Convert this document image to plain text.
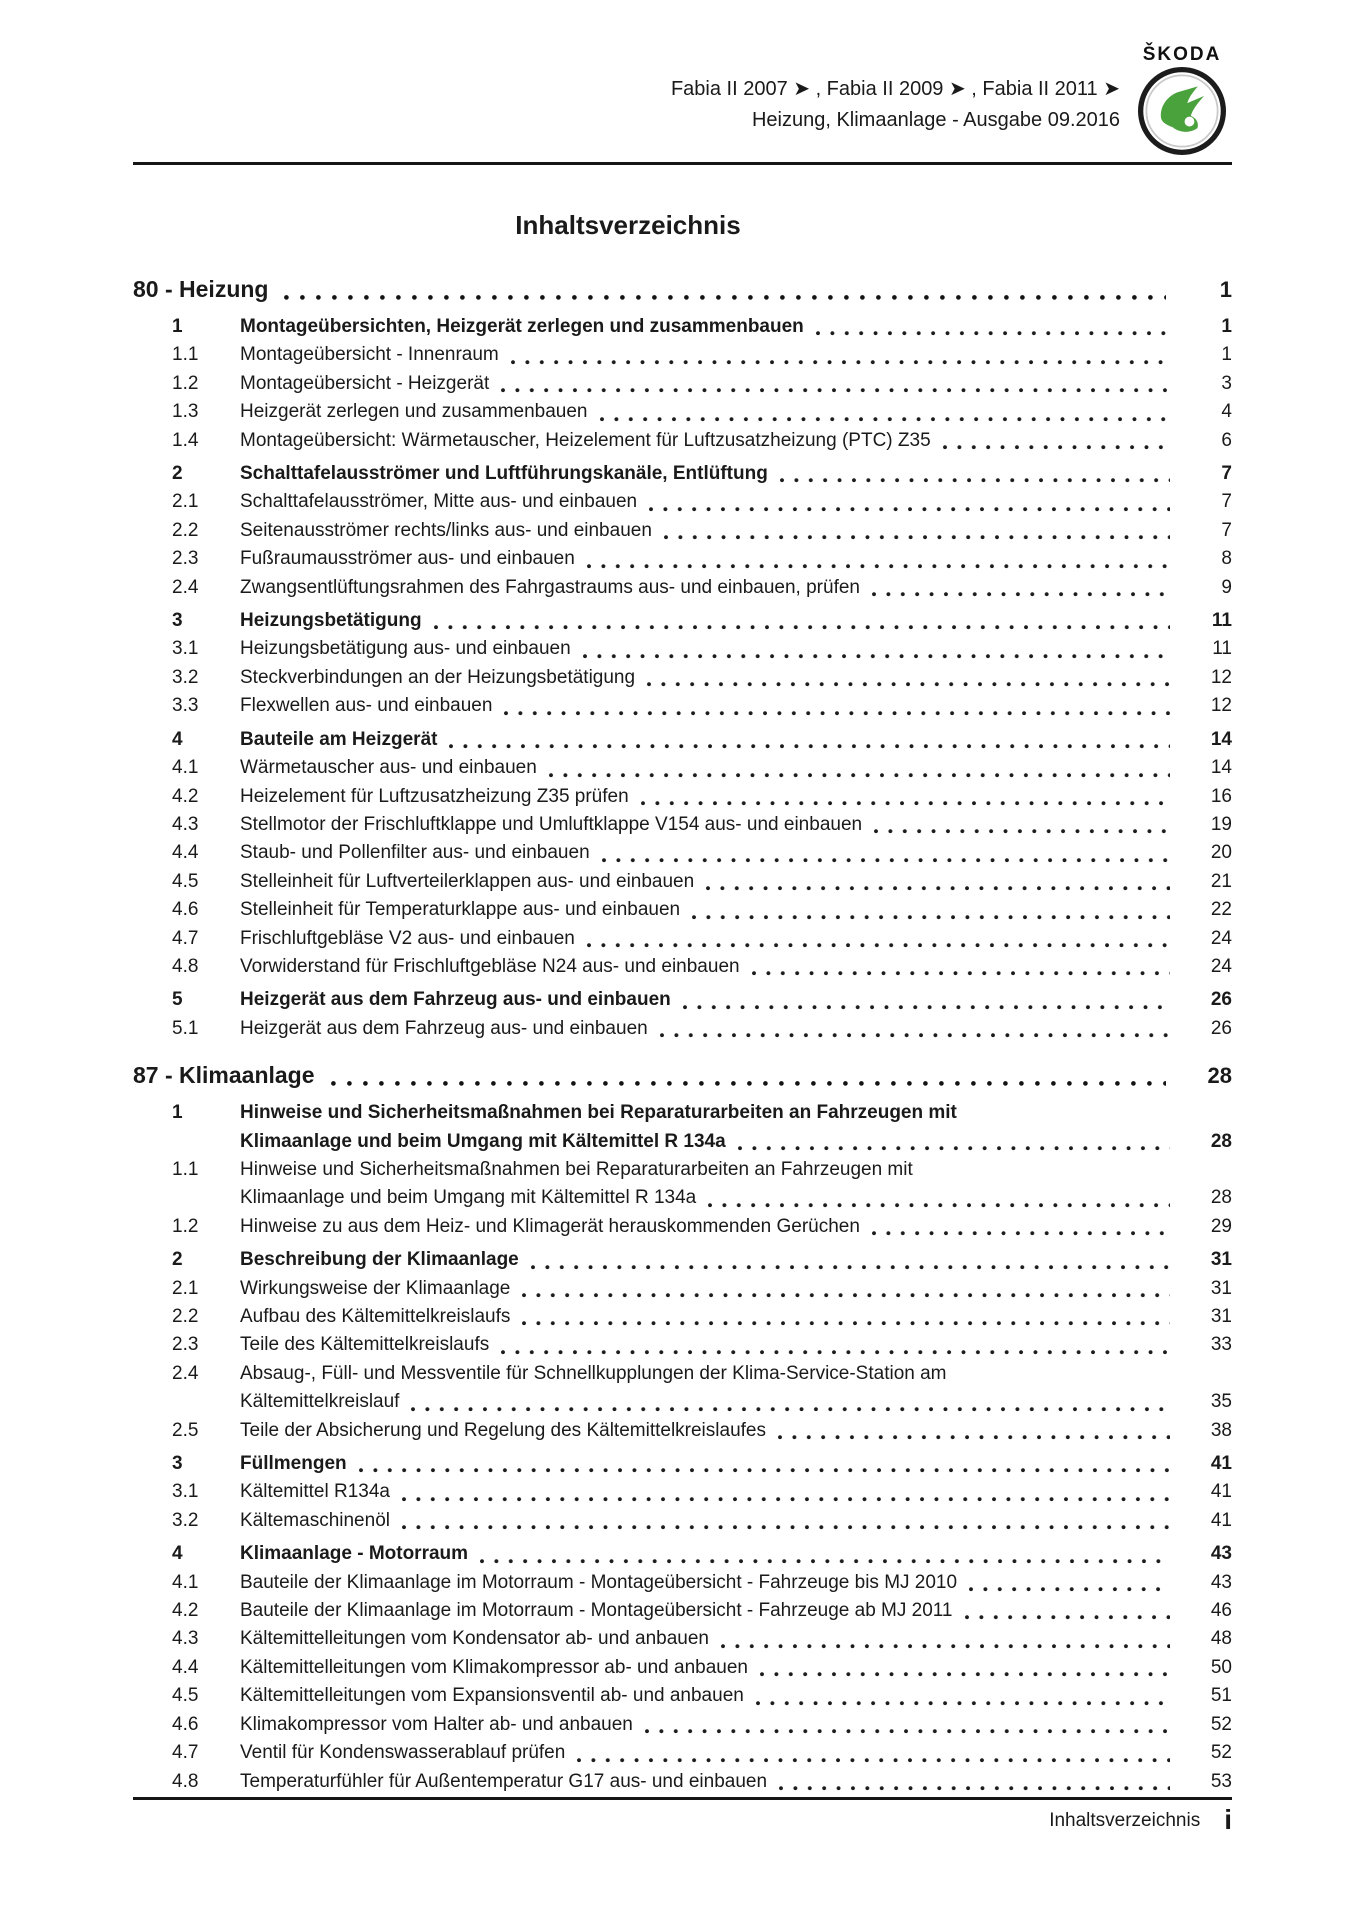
Fabia II 2007 ➤ , Fabia II 2009 ➤ , Fabia II 2011 ➤
Heizung, Klimaanlage - Ausgabe 09.2016
ŠKODA
Inhaltsverzeichnis
80 - Heizung	1
1	Montageübersichten, Heizgerät zerlegen und zusammenbauen	1
1.1	Montageübersicht - Innenraum	1
1.2	Montageübersicht - Heizgerät	3
1.3	Heizgerät zerlegen und zusammenbauen	4
1.4	Montageübersicht: Wärmetauscher, Heizelement für Luftzusatzheizung (PTC) Z35	6
2	Schalttafelausströmer und Luftführungskanäle, Entlüftung	7
2.1	Schalttafelausströmer, Mitte aus- und einbauen	7
2.2	Seitenausströmer rechts/links aus- und einbauen	7
2.3	Fußraumausströmer aus- und einbauen	8
2.4	Zwangsentlüftungsrahmen des Fahrgastraums aus- und einbauen, prüfen	9
3	Heizungsbetätigung	11
3.1	Heizungsbetätigung aus- und einbauen	11
3.2	Steckverbindungen an der Heizungsbetätigung	12
3.3	Flexwellen aus- und einbauen	12
4	Bauteile am Heizgerät	14
4.1	Wärmetauscher aus- und einbauen	14
4.2	Heizelement für Luftzusatzheizung Z35 prüfen	16
4.3	Stellmotor der Frischluftklappe und Umluftklappe V154 aus- und einbauen	19
4.4	Staub- und Pollenfilter aus- und einbauen	20
4.5	Stelleinheit für Luftverteilerklappen aus- und einbauen	21
4.6	Stelleinheit für Temperaturklappe aus- und einbauen	22
4.7	Frischluftgebläse V2 aus- und einbauen	24
4.8	Vorwiderstand für Frischluftgebläse N24 aus- und einbauen	24
5	Heizgerät aus dem Fahrzeug aus- und einbauen	26
5.1	Heizgerät aus dem Fahrzeug aus- und einbauen	26
87 - Klimaanlage	28
1	Hinweise und Sicherheitsmaßnahmen bei Reparaturarbeiten an Fahrzeugen mit
Klimaanlage und beim Umgang mit Kältemittel R 134a	28
1.1	Hinweise und Sicherheitsmaßnahmen bei Reparaturarbeiten an Fahrzeugen mit
Klimaanlage und beim Umgang mit Kältemittel R 134a	28
1.2	Hinweise zu aus dem Heiz- und Klimagerät herauskommenden Gerüchen	29
2	Beschreibung der Klimaanlage	31
2.1	Wirkungsweise der Klimaanlage	31
2.2	Aufbau des Kältemittelkreislaufs	31
2.3	Teile des Kältemittelkreislaufs	33
2.4	Absaug-, Füll- und Messventile für Schnellkupplungen der Klima-Service-Station am
Kältemittelkreislauf	35
2.5	Teile der Absicherung und Regelung des Kältemittelkreislaufes	38
3	Füllmengen	41
3.1	Kältemittel R134a	41
3.2	Kältemaschinenöl	41
4	Klimaanlage - Motorraum	43
4.1	Bauteile der Klimaanlage im Motorraum - Montageübersicht - Fahrzeuge bis MJ 2010	43
4.2	Bauteile der Klimaanlage im Motorraum - Montageübersicht - Fahrzeuge ab MJ 2011	46
4.3	Kältemittelleitungen vom Kondensator ab- und anbauen	48
4.4	Kältemittelleitungen vom Klimakompressor ab- und anbauen	50
4.5	Kältemittelleitungen vom Expansionsventil ab- und anbauen	51
4.6	Klimakompressor vom Halter ab- und anbauen	52
4.7	Ventil für Kondenswasserablauf prüfen	52
4.8	Temperaturfühler für Außentemperatur G17 aus- und einbauen	53
Inhaltsverzeichnis i
